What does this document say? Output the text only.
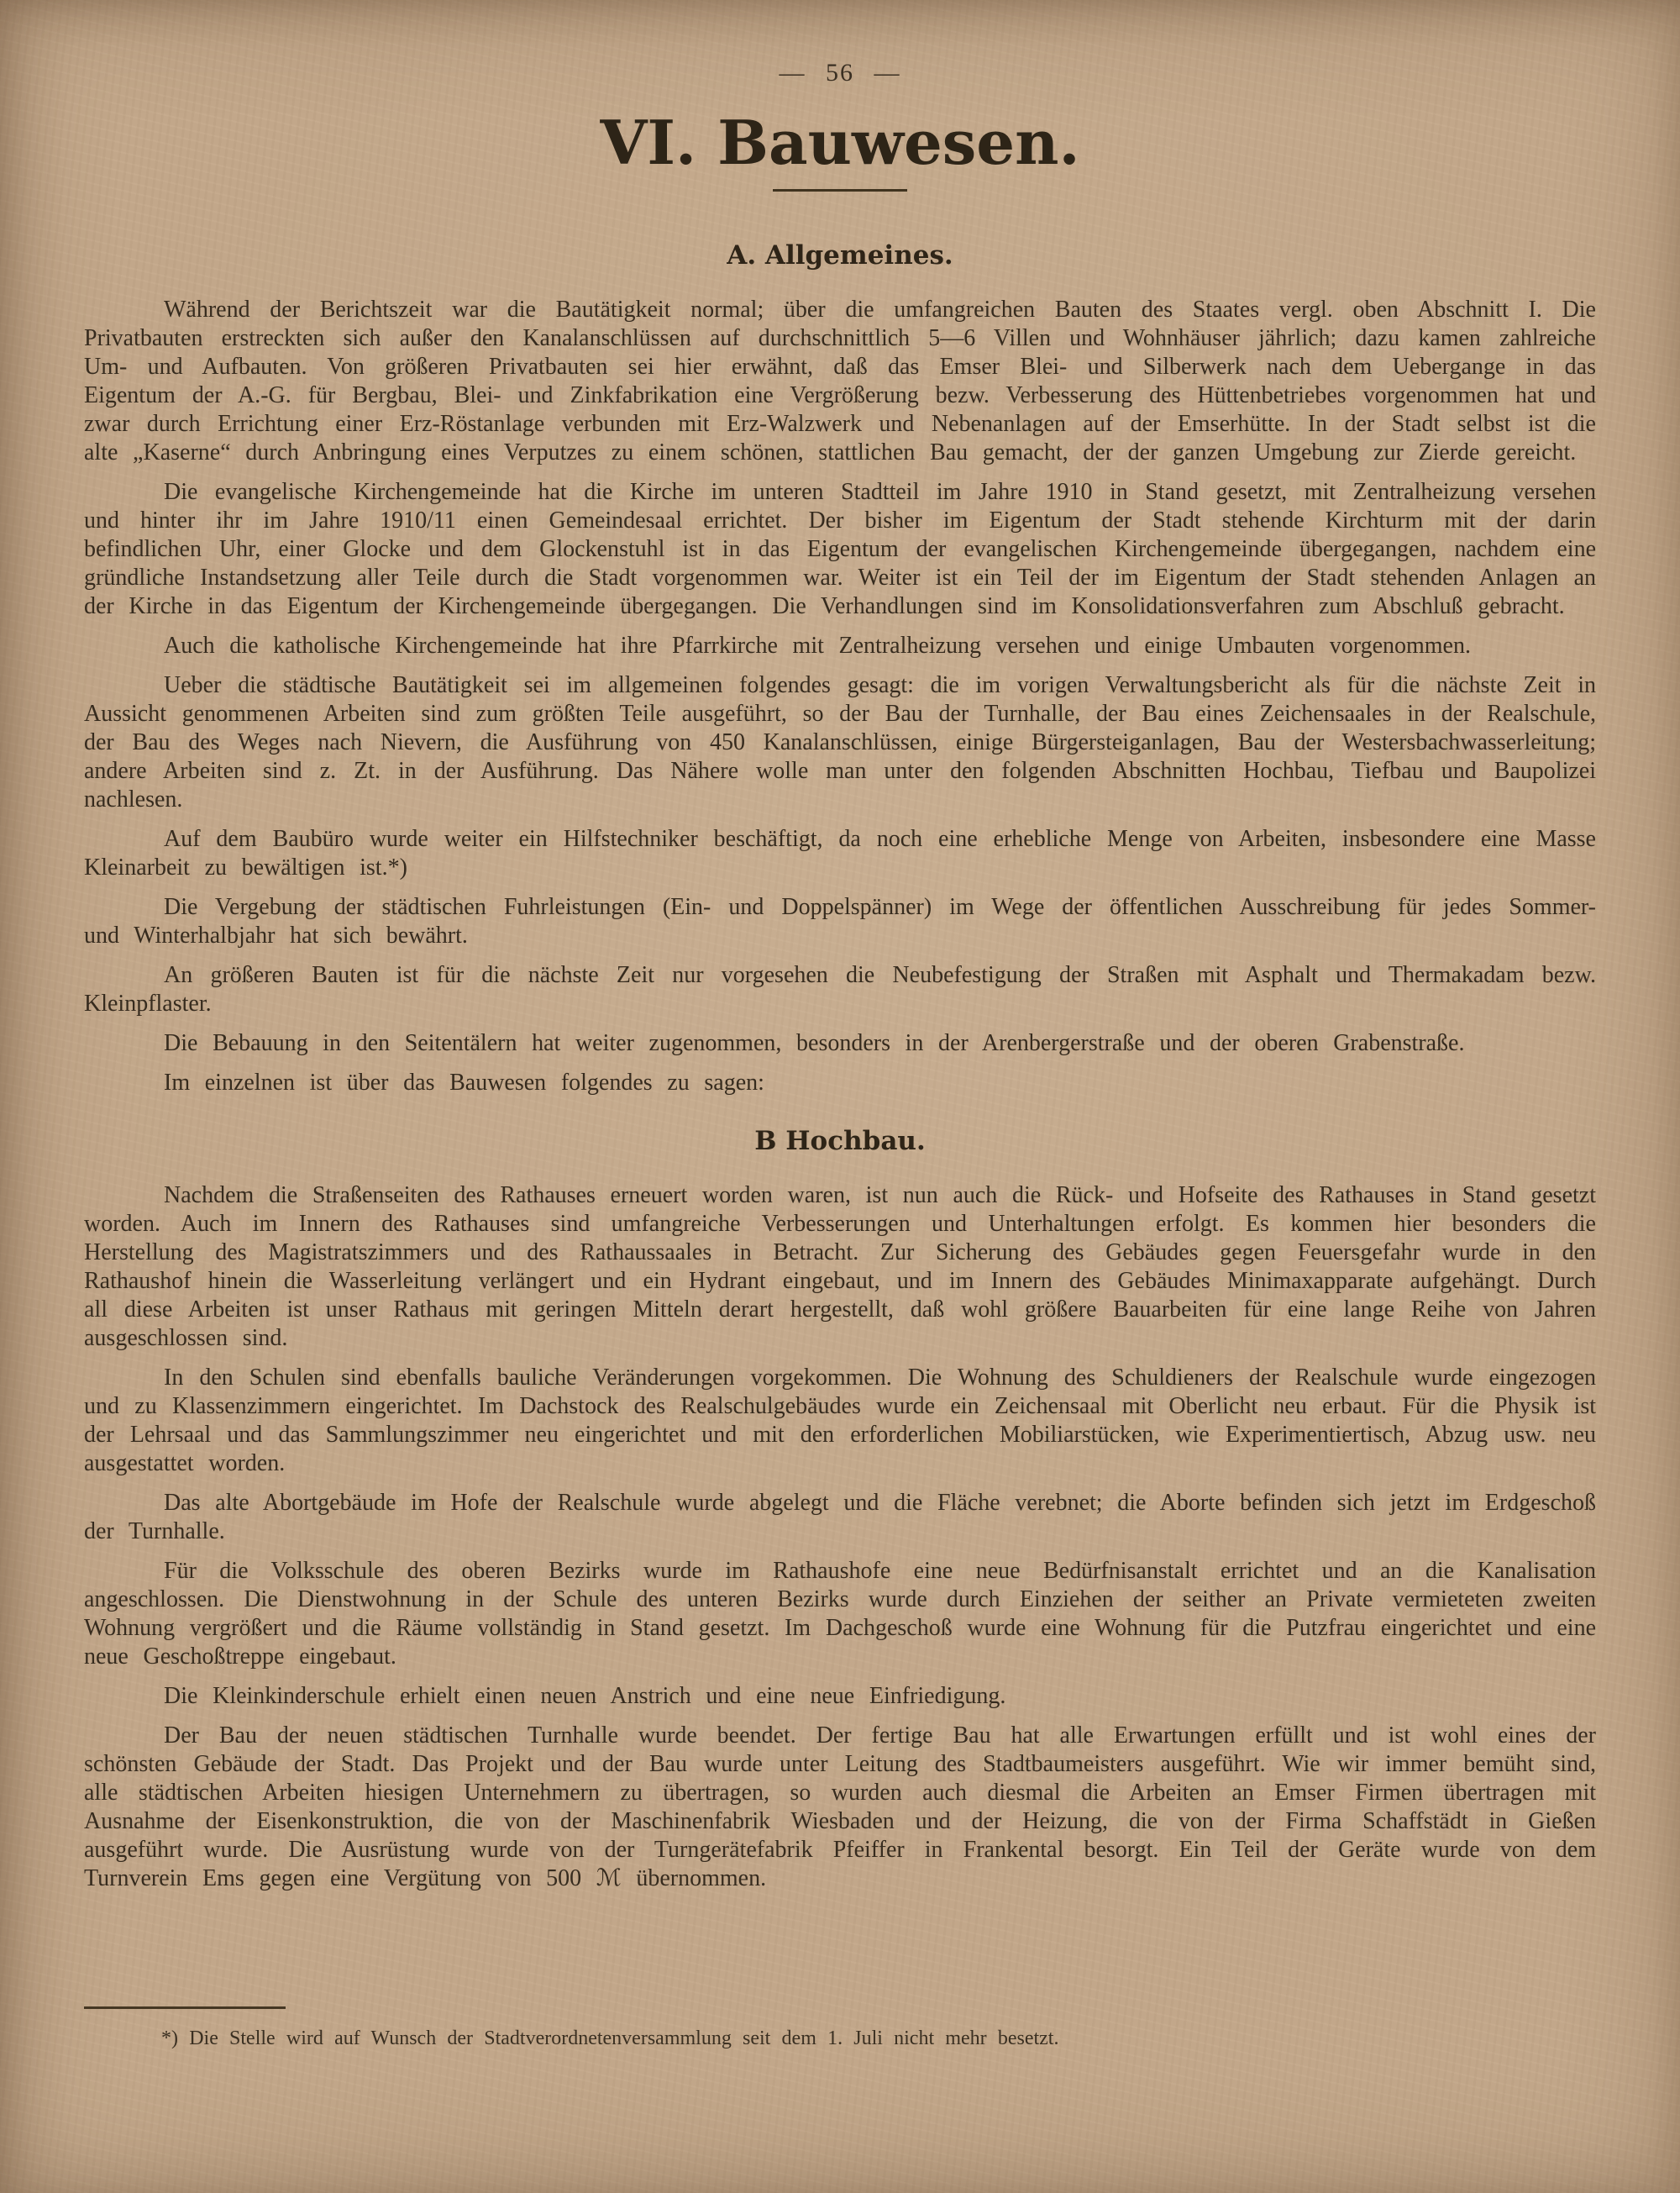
— 56 —
VI. Bauwesen.
A. Allgemeines.

Während der Berichtszeit war die Bautätigkeit normal; über die umfangreichen Bauten des Staates vergl. oben Abschnitt I. Die Privatbauten erstreckten sich außer den Kanalanschlüssen auf durchschnittlich 5—6 Villen und Wohnhäuser jährlich; dazu kamen zahlreiche Um- und Aufbauten. Von größeren Privatbauten sei hier erwähnt, daß das Emser Blei- und Silberwerk nach dem Uebergange in das Eigentum der A.-G. für Bergbau, Blei- und Zinkfabrikation eine Vergrößerung bezw. Verbesserung des Hüttenbetriebes vorgenommen hat und zwar durch Errichtung einer Erz-Röstanlage verbunden mit Erz-Walzwerk und Nebenanlagen auf der Emserhütte. In der Stadt selbst ist die alte „Kaserne“ durch Anbringung eines Verputzes zu einem schönen, stattlichen Bau gemacht, der der ganzen Umgebung zur Zierde gereicht.

Die evangelische Kirchengemeinde hat die Kirche im unteren Stadtteil im Jahre 1910 in Stand gesetzt, mit Zentralheizung versehen und hinter ihr im Jahre 1910/11 einen Gemeindesaal errichtet. Der bisher im Eigentum der Stadt stehende Kirchturm mit der darin befindlichen Uhr, einer Glocke und dem Glockenstuhl ist in das Eigentum der evangelischen Kirchengemeinde übergegangen, nachdem eine gründliche Instandsetzung aller Teile durch die Stadt vorgenommen war. Weiter ist ein Teil der im Eigentum der Stadt stehenden Anlagen an der Kirche in das Eigentum der Kirchengemeinde übergegangen. Die Verhandlungen sind im Konsolidationsverfahren zum Abschluß gebracht.

Auch die katholische Kirchengemeinde hat ihre Pfarrkirche mit Zentralheizung versehen und einige Umbauten vorgenommen.

Ueber die städtische Bautätigkeit sei im allgemeinen folgendes gesagt: die im vorigen Verwaltungsbericht als für die nächste Zeit in Aussicht genommenen Arbeiten sind zum größten Teile ausgeführt, so der Bau der Turnhalle, der Bau eines Zeichensaales in der Realschule, der Bau des Weges nach Nievern, die Ausführung von 450 Kanalanschlüssen, einige Bürgersteiganlagen, Bau der Westersbachwasserleitung; andere Arbeiten sind z. Zt. in der Ausführung. Das Nähere wolle man unter den folgenden Abschnitten Hochbau, Tiefbau und Baupolizei nachlesen.

Auf dem Baubüro wurde weiter ein Hilfstechniker beschäftigt, da noch eine erhebliche Menge von Arbeiten, insbesondere eine Masse Kleinarbeit zu bewältigen ist.*)

Die Vergebung der städtischen Fuhrleistungen (Ein- und Doppelspänner) im Wege der öffentlichen Ausschreibung für jedes Sommer- und Winterhalbjahr hat sich bewährt.

An größeren Bauten ist für die nächste Zeit nur vorgesehen die Neubefestigung der Straßen mit Asphalt und Thermakadam bezw. Kleinpflaster.

Die Bebauung in den Seitentälern hat weiter zugenommen, besonders in der Arenbergerstraße und der oberen Grabenstraße.

Im einzelnen ist über das Bauwesen folgendes zu sagen:

B Hochbau.

Nachdem die Straßenseiten des Rathauses erneuert worden waren, ist nun auch die Rück- und Hofseite des Rathauses in Stand gesetzt worden. Auch im Innern des Rathauses sind umfangreiche Verbesserungen und Unterhaltungen erfolgt. Es kommen hier besonders die Herstellung des Magistratszimmers und des Rathaussaales in Betracht. Zur Sicherung des Gebäudes gegen Feuersgefahr wurde in den Rathaushof hinein die Wasserleitung verlängert und ein Hydrant eingebaut, und im Innern des Gebäudes Minimaxapparate aufgehängt. Durch all diese Arbeiten ist unser Rathaus mit geringen Mitteln derart hergestellt, daß wohl größere Bauarbeiten für eine lange Reihe von Jahren ausgeschlossen sind.

In den Schulen sind ebenfalls bauliche Veränderungen vorgekommen. Die Wohnung des Schuldieners der Realschule wurde eingezogen und zu Klassenzimmern eingerichtet. Im Dachstock des Realschulgebäudes wurde ein Zeichensaal mit Oberlicht neu erbaut. Für die Physik ist der Lehrsaal und das Sammlungszimmer neu eingerichtet und mit den erforderlichen Mobiliarstücken, wie Experimentiertisch, Abzug usw. neu ausgestattet worden.

Das alte Abortgebäude im Hofe der Realschule wurde abgelegt und die Fläche verebnet; die Aborte befinden sich jetzt im Erdgeschoß der Turnhalle.

Für die Volksschule des oberen Bezirks wurde im Rathaushofe eine neue Bedürfnisanstalt errichtet und an die Kanalisation angeschlossen. Die Dienstwohnung in der Schule des unteren Bezirks wurde durch Einziehen der seither an Private vermieteten zweiten Wohnung vergrößert und die Räume vollständig in Stand gesetzt. Im Dachgeschoß wurde eine Wohnung für die Putzfrau eingerichtet und eine neue Geschoßtreppe eingebaut.

Die Kleinkinderschule erhielt einen neuen Anstrich und eine neue Einfriedigung.

Der Bau der neuen städtischen Turnhalle wurde beendet. Der fertige Bau hat alle Erwartungen erfüllt und ist wohl eines der schönsten Gebäude der Stadt. Das Projekt und der Bau wurde unter Leitung des Stadtbaumeisters ausgeführt. Wie wir immer bemüht sind, alle städtischen Arbeiten hiesigen Unternehmern zu übertragen, so wurden auch diesmal die Arbeiten an Emser Firmen übertragen mit Ausnahme der Eisenkonstruktion, die von der Maschinenfabrik Wiesbaden und der Heizung, die von der Firma Schaffstädt in Gießen ausgeführt wurde. Die Ausrüstung wurde von der Turngerätefabrik Pfeiffer in Frankental besorgt. Ein Teil der Geräte wurde von dem Turnverein Ems gegen eine Vergütung von 500 ℳ übernommen.

*) Die Stelle wird auf Wunsch der Stadtverordnetenversammlung seit dem 1. Juli nicht mehr besetzt.
